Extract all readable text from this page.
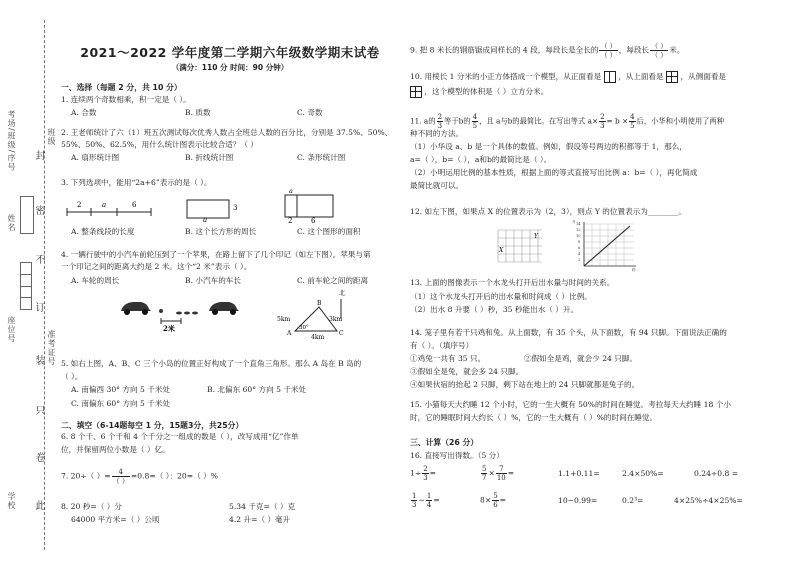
考场/班级/序号
姓名
座位号
学校
封
密
不
订
装
只
卷
此
班级
准考证号
2021～2022 学年度第二学期六年级数学期末试卷
（满分：110 分 时间：90 分钟）
一、选择（每题 2 分，共 10 分）
1. 连续两个奇数相乘，积一定是（ ）。
A. 合数	B. 质数	C. 奇数
2. 王老师统计了六（1）班五次测试每次优秀人数占全班总人数的百分比，分别是 37.5%、50%、
55%、50%、62.5%，用什么统计图表示比较合适？（ ）
A. 扇形统计图	B. 折线统计图	C. 条形统计图
3. 下列选项中，能用“2a+6”表示的是（ ）。
2	a	6	3
a
a
2	6
A. 整条线段的长度	B. 这个长方形的周长	C. 这个图形的面积
4. 一辆行驶中的小汽车前轮压到了一个苹果，在路上留下了几个印记（如左下图）。苹果与第
一个印记之间的距离大约是 2 米。这个“2 米”表示（ ）。
A. 车轮的周长	B. 小汽车的车长	C. 前车轮之间的距离
2米
北
5km	3km
4km
30°
A
B
C
5. 如右上图，A、B、C 三个小岛的位置正好构成了一个直角三角形。那么 A 岛在 B 岛的
（ ）。
A. 南偏西 30° 方向 5 千米处	B. 北偏东 60° 方向 5 千米处
C. 南偏东 60° 方向 5 千米处
二、填空（6-14题每空 1 分，15题3分，共25分）
6. 8 个千、6 个千和 4 个千分之一组成的数是（ ），改写成用“亿”作单
位，并保留两位小数是（ ）亿。
7. 20÷（ ）= $\frac{4}{( )} =0.8=$（ ）：20=（ ）%
8. 20 秒=（ ）分	5.34 千克=（ ）克
64000 平方米=（ ）公顷	4.2 升=（ ）毫升
9. 把 8 米长的钢筋锯成同样长的 4 段，每段长是全长的 $\frac{( )}{( )}$ ，每段长 $\frac{( )}{( )}$ 米。
10. 用棱长 1 分米的小正方体搭成一个模型，从正面看是 ，从上面看是 ，从侧面看是
，这个模型的体积是（ ）立方分米。
11. a的 $\frac{2}{3}$ 等于b的 $\frac{4}{5}$ ，且 a与b的最简比。在写出等式 $a\times \frac{2}{3} = b \times \frac{4}{5}$ 后，小华和小明使用了两种
种不同的方法。
（1）小华设 a、b 是一个具体的数值。例如，假设等号两边的积都等于 1，那么，
a=（ ），b=（ ），a和b的最简比是（ ）。
（2）小明运用比例的基本性质，根据上面的等式直接写出比例 a：b=（ ），再化简成
最简比就可以。
12. 如左下图，如果点 X 的位置表示为（2，3），则点 Y 的位置表示为________。
X
Y
14
12
10
8
6
4
2
升
秒
13. 上面的图像表示一个水龙头打开后出水量与时间的关系。
（1）这个水龙头打开后的出水量和时间成（ ）比例。
（2）出水 8 升要（ ）秒，35 秒能出水（ ）升。
14. 笼子里有若干只鸡和兔。从上面数，有 35 个头，从下面数，有 94 只脚。下面说法正确的
有（ ）。（填序号）
①鸡兔一共有 35 只。                ②假如全是鸡，就会少 24 只脚。
③假如全是兔，就会多 24 只脚。
④如果伙宿的抬起 2 只脚，剩下站在地上的 24 只脚就都是兔子的。
15. 小猫每天大约睡 12 个小时，它的一生大概有 50%的时间在睡觉。考拉每天大约睡 18 个小
时，它的睡眠时间大约长（ ）%，它的一生大概有（ ）%的时间在睡觉。
三、计算（26 分）
16. 直接写出得数。（5 分）
$1\div \frac{2}{3}$ =	$\frac{5}{7} \times \frac{7}{10}$ =	1.1+0.11=	2.4×50%=	0.24÷0.8 =
$\frac{1}{3} - \frac{1}{4}$ =	$8\times \frac{5}{6}$ =	10−0.99=	0.2³=	4×25%÷4×25%=
